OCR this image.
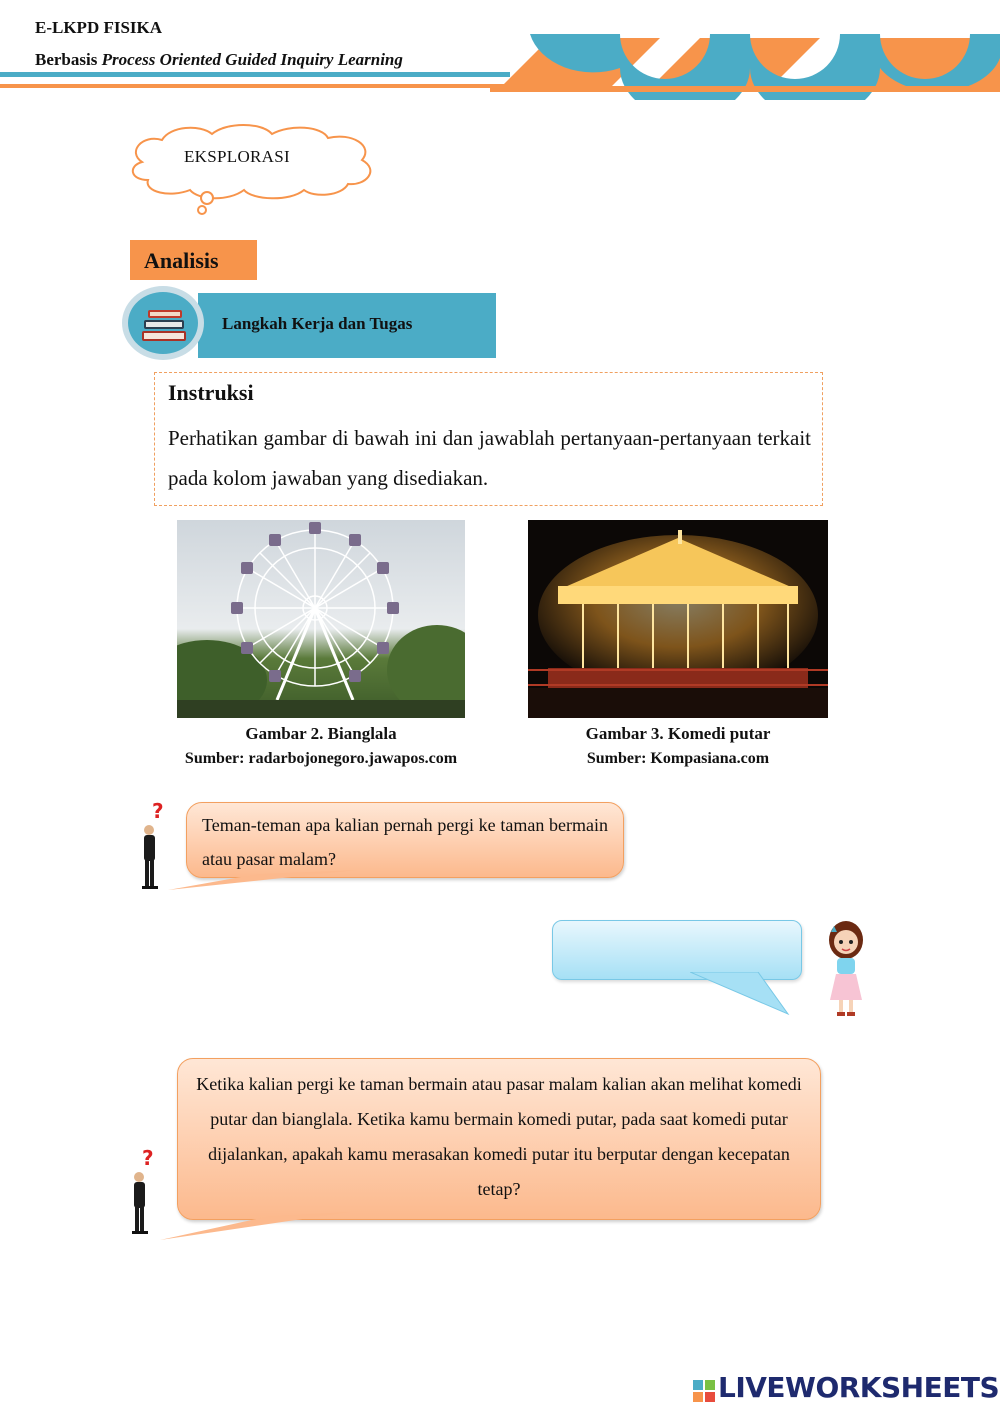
E-LKPD FISIKA
Berbasis Process Oriented Guided Inquiry Learning
EKSPLORASI
Analisis
Langkah Kerja dan Tugas
Instruksi
Perhatikan gambar di bawah ini dan jawablah pertanyaan-pertanyaan terkait pada kolom jawaban yang disediakan.
Gambar 2. Bianglala
Sumber: radarbojonegoro.jawapos.com
Gambar 3. Komedi putar
Sumber: Kompasiana.com
?
Teman-teman apa kalian pernah pergi ke taman bermain atau pasar malam?
?
Ketika kalian pergi ke taman bermain atau pasar malam kalian akan melihat komedi putar dan bianglala. Ketika kamu bermain komedi putar, pada saat komedi putar dijalankan, apakah kamu merasakan komedi putar itu berputar dengan kecepatan tetap?
LIVEWORKSHEETS
